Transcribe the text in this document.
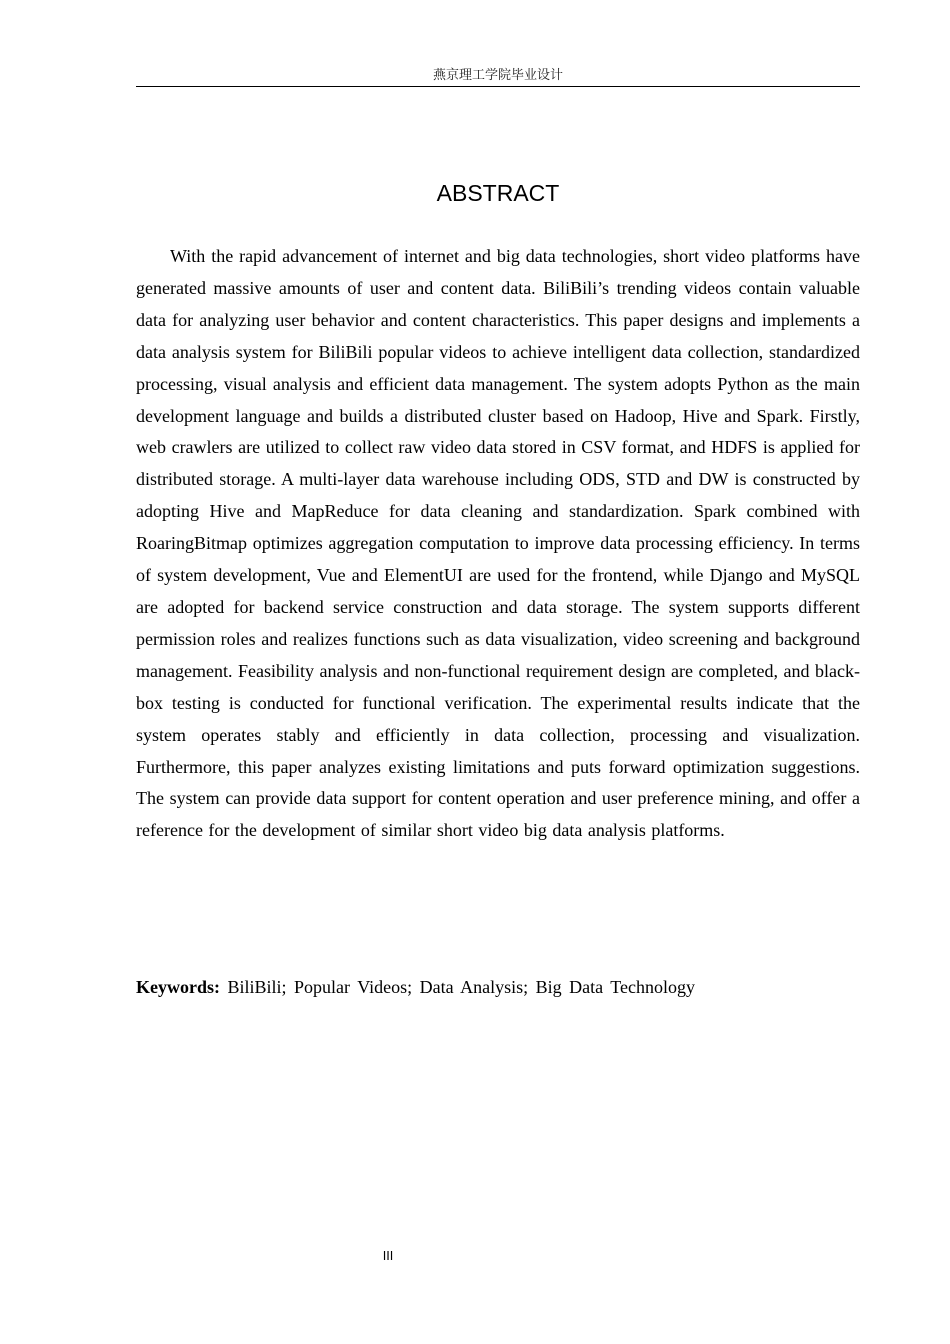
燕京理工学院毕业设计
ABSTRACT

With the rapid advancement of internet and big data technologies, short video platforms have generated massive amounts of user and content data. BiliBili’s trending videos contain valuable data for analyzing user behavior and content characteristics. This paper designs and implements a data analysis system for BiliBili popular videos to achieve intelligent data collection, standardized processing, visual analysis and efficient data management. The system adopts Python as the main development language and builds a distributed cluster based on Hadoop, Hive and Spark. Firstly, web crawlers are utilized to collect raw video data stored in CSV format, and HDFS is applied for distributed storage. A multi-layer data warehouse including ODS, STD and DW is constructed by adopting Hive and MapReduce for data cleaning and standardization. Spark combined with RoaringBitmap optimizes aggregation computation to improve data processing efficiency. In terms of system development, Vue and ElementUI are used for the frontend, while Django and MySQL are adopted for backend service construction and data storage. The system supports different permission roles and realizes functions such as data visualization, video screening and background management. Feasibility analysis and non-functional requirement design are completed, and black-box testing is conducted for functional verification. The experimental results indicate that the system operates stably and efficiently in data collection, processing and visualization. Furthermore, this paper analyzes existing limitations and puts forward optimization suggestions. The system can provide data support for content operation and user preference mining, and offer a reference for the development of similar short video big data analysis platforms.

Keywords: BiliBili; Popular Videos; Data Analysis; Big Data Technology

III
